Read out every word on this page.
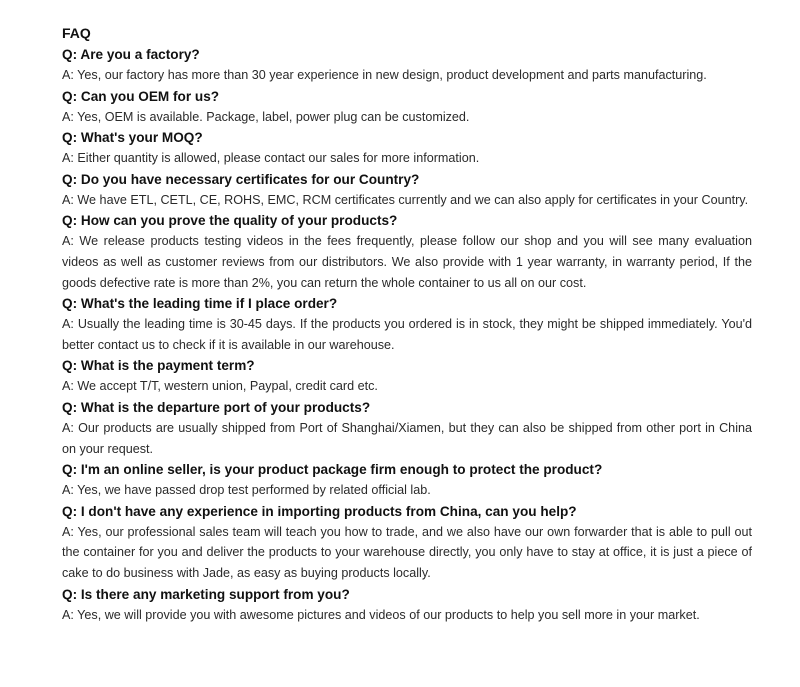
FAQ
Q: Are you a factory?
A: Yes, our factory has more than 30 year experience in new design, product development and parts manufacturing.
Q: Can you OEM for us?
A: Yes, OEM is available. Package, label, power plug can be customized.
Q: What's your MOQ?
A: Either quantity is allowed, please contact our sales for more information.
Q: Do you have necessary certificates for our Country?
A: We have ETL, CETL, CE, ROHS, EMC, RCM certificates currently and we can also apply for certificates in your Country.
Q: How can you prove the quality of your products?
A: We release products testing videos in the fees frequently, please follow our shop and you will see many evaluation videos as well as customer reviews from our distributors. We also provide with 1 year warranty, in warranty period, If the goods defective rate is more than 2%, you can return the whole container to us all on our cost.
Q: What's the leading time if I place order?
A: Usually the leading time is 30-45 days. If the products you ordered is in stock, they might be shipped immediately. You'd better contact us to check if it is available in our warehouse.
Q: What is the payment term?
A: We accept T/T, western union, Paypal, credit card etc.
Q: What is the departure port of your products?
A: Our products are usually shipped from Port of Shanghai/Xiamen, but they can also be shipped from other port in China on your request.
Q: I'm an online seller, is your product package firm enough to protect the product?
A: Yes, we have passed drop test performed by related official lab.
Q: I don't have any experience in importing products from China, can you help?
A: Yes, our professional sales team will teach you how to trade, and we also have our own forwarder that is able to pull out the container for you and deliver the products to your warehouse directly, you only have to stay at office, it is just a piece of cake to do business with Jade, as easy as buying products locally.
Q: Is there any marketing support from you?
A: Yes, we will provide you with awesome pictures and videos of our products to help you sell more in your market.
